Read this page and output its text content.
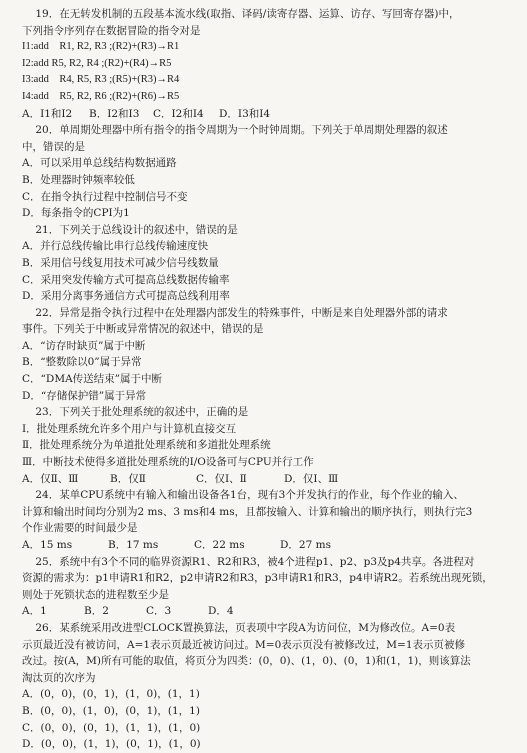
19．在无转发机制的五段基本流水线(取指、译码/读寄存器、运算、访存、写回寄存器)中，
下列指令序列存在数据冒险的指令对是
I1:add    R1, R2, R3 ;(R2)+(R3)→R1
I2:add R5, R2, R4 ;(R2)+(R4)→R5
I3:add    R4, R5, R3 ;(R5)+(R3)→R4
I4:add    R5, R2, R6 ;(R2)+(R6)→R5
A．I1和I2	B．I2和I3	C．I2和I4	D．I3和I4
20．单周期处理器中所有指令的指令周期为一个时钟周期。下列关于单周期处理器的叙述
中，错误的是
A．可以采用单总线结构数据通路
B．处理器时钟频率较低
C．在指令执行过程中控制信号不变
D．每条指令的CPI为1
21．下列关于总线设计的叙述中，错误的是
A．并行总线传输比串行总线传输速度快
B．采用信号线复用技术可减少信号线数量
C．采用突发传输方式可提高总线数据传输率
D．采用分离事务通信方式可提高总线利用率
22．异常是指令执行过程中在处理器内部发生的特殊事件，中断是来自处理器外部的请求
事件。下列关于中断或异常情况的叙述中，错误的是
A．“访存时缺页”属于中断
B．“整数除以0”属于异常
C．“DMA传送结束”属于中断
D．“存储保护错”属于异常
23．下列关于批处理系统的叙述中，正确的是
Ⅰ．批处理系统允许多个用户与计算机直接交互
Ⅱ．批处理系统分为单道批处理系统和多道批处理系统
Ⅲ．中断技术使得多道批处理系统的I/O设备可与CPU并行工作
A．仅Ⅱ、Ⅲ	B．仅Ⅱ	C．仅Ⅰ、Ⅱ	D．仅Ⅰ、Ⅲ
24．某单CPU系统中有输入和输出设备各1台，现有3个并发执行的作业，每个作业的输入、
计算和输出时间均分别为2 ms、3 ms和4 ms，且都按输入、计算和输出的顺序执行，则执行完3
个作业需要的时间最少是
A．15 ms	B．17 ms	C．22 ms	D．27 ms
25．系统中有3个不同的临界资源R1、R2和R3，被4个进程p1、p2、p3及p4共享。各进程对
资源的需求为：p1申请R1和R2，p2申请R2和R3，p3申请R1和R3，p4申请R2。若系统出现死锁，
则处于死锁状态的进程数至少是
A．1	B．2	C．3	D．4
26．某系统采用改进型CLOCK置换算法，页表项中字段A为访问位，M为修改位。A=0表
示页最近没有被访问，A=1表示页最近被访问过。M=0表示页没有被修改过，M=1表示页被修
改过。按(A，M)所有可能的取值，将页分为四类：(0，0)、(1，0)、(0，1)和(1，1)，则该算法
淘汰页的次序为
A．(0，0)，(0，1)，(1，0)，(1，1)
B．(0，0)，(1，0)，(0，1)，(1，1)
C．(0，0)，(0，1)，(1，1)，(1，0)
D．(0，0)，(1，1)，(0，1)，(1，0)
